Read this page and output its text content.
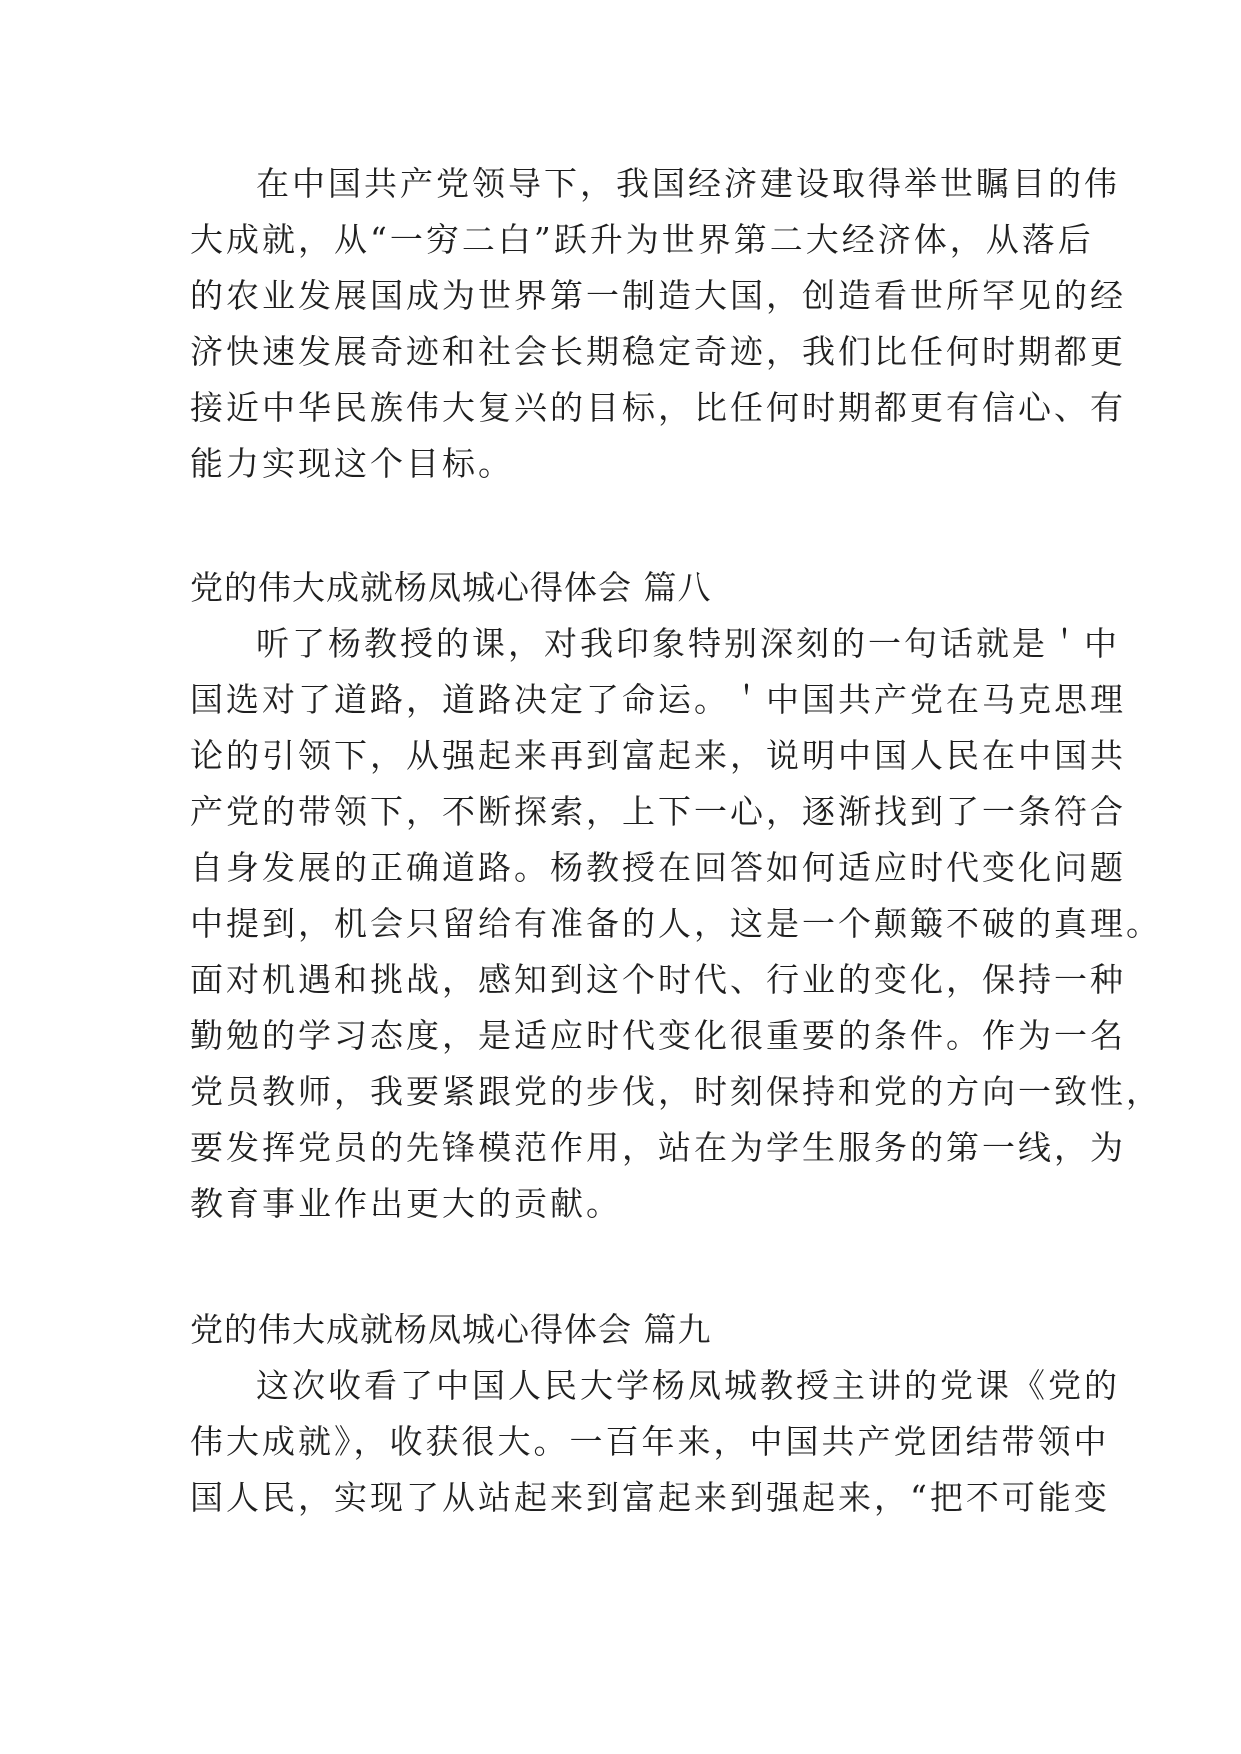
在中国共产党领导下，我国经济建设取得举世瞩目的伟
大成就，从“一穷二白”跃升为世界第二大经济体，从落后
的农业发展国成为世界第一制造大国，创造看世所罕见的经
济快速发展奇迹和社会长期稳定奇迹，我们比任何时期都更
接近中华民族伟大复兴的目标，比任何时期都更有信心、有
能力实现这个目标。
党的伟大成就杨凤城心得体会 篇八
听了杨教授的课，对我印象特别深刻的一句话就是＇中
国选对了道路，道路决定了命运。＇中国共产党在马克思理
论的引领下，从强起来再到富起来，说明中国人民在中国共
产党的带领下，不断探索，上下一心，逐渐找到了一条符合
自身发展的正确道路。杨教授在回答如何适应时代变化问题
中提到，机会只留给有准备的人，这是一个颠簸不破的真理。
面对机遇和挑战，感知到这个时代、行业的变化，保持一种
勤勉的学习态度，是适应时代变化很重要的条件。作为一名
党员教师，我要紧跟党的步伐，时刻保持和党的方向一致性，
要发挥党员的先锋模范作用，站在为学生服务的第一线，为
教育事业作出更大的贡献。
党的伟大成就杨凤城心得体会 篇九
这次收看了中国人民大学杨凤城教授主讲的党课《党的
伟大成就》，收获很大。一百年来，中国共产党团结带领中
国人民，实现了从站起来到富起来到强起来，“把不可能变
